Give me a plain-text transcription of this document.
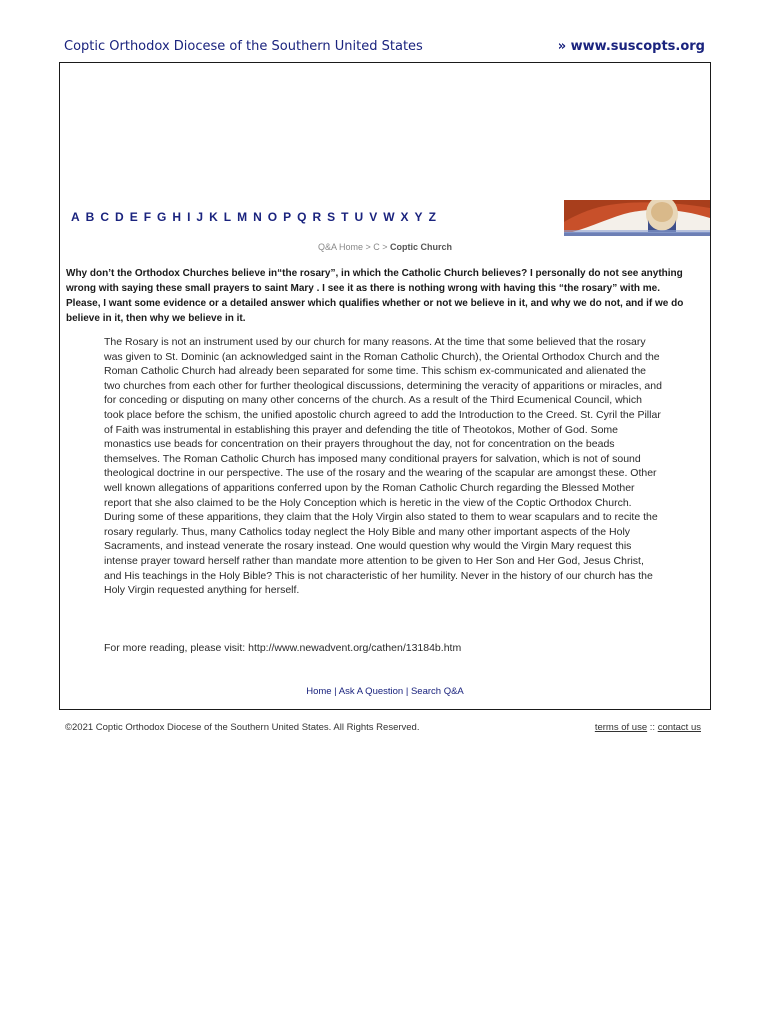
Coptic Orthodox Diocese of the Southern United States	» www.suscopts.org
A B C D E F G H I J K L M N O P Q R S T U V W X Y Z
Q&A Home > C > Coptic Church
Why don’t the Orthodox Churches believe in“the rosary”, in which the Catholic Church believes? I personally do not see anything wrong with saying these small prayers to saint Mary . I see it as there is nothing wrong with having this “the rosary” with me. Please, I want some evidence or a detailed answer which qualifies whether or not we believe in it, and why we do not, and if we do believe in it, then why we believe in it.
The Rosary is not an instrument used by our church for many reasons. At the time that some believed that the rosary was given to St. Dominic (an acknowledged saint in the Roman Catholic Church), the Oriental Orthodox Church and the Roman Catholic Church had already been separated for some time. This schism ex-communicated and alienated the two churches from each other for further theological discussions, determining the veracity of apparitions or miracles, and for conceding or disputing on many other concerns of the church. As a result of the Third Ecumenical Council, which took place before the schism, the unified apostolic church agreed to add the Introduction to the Creed. St. Cyril the Pillar of Faith was instrumental in establishing this prayer and defending the title of Theotokos, Mother of God. Some monastics use beads for concentration on their prayers throughout the day, not for concentration on the beads themselves. The Roman Catholic Church has imposed many conditional prayers for salvation, which is not of sound theological doctrine in our perspective. The use of the rosary and the wearing of the scapular are amongst these. Other well known allegations of apparitions conferred upon by the Roman Catholic Church regarding the Blessed Mother report that she also claimed to be the Holy Conception which is heretic in the view of the Coptic Orthodox Church. During some of these apparitions, they claim that the Holy Virgin also stated to them to wear scapulars and to recite the rosary regularly. Thus, many Catholics today neglect the Holy Bible and many other important aspects of the Holy Sacraments, and instead venerate the rosary instead. One would question why would the Virgin Mary request this intense prayer toward herself rather than mandate more attention to be given to Her Son and Her God, Jesus Christ, and His teachings in the Holy Bible? This is not characteristic of her humility. Never in the history of our church has the Holy Virgin requested anything for herself.
For more reading, please visit: http://www.newadvent.org/cathen/13184b.htm
Home | Ask A Question | Search Q&A
©2021 Coptic Orthodox Diocese of the Southern United States. All Rights Reserved.	terms of use :: contact us
